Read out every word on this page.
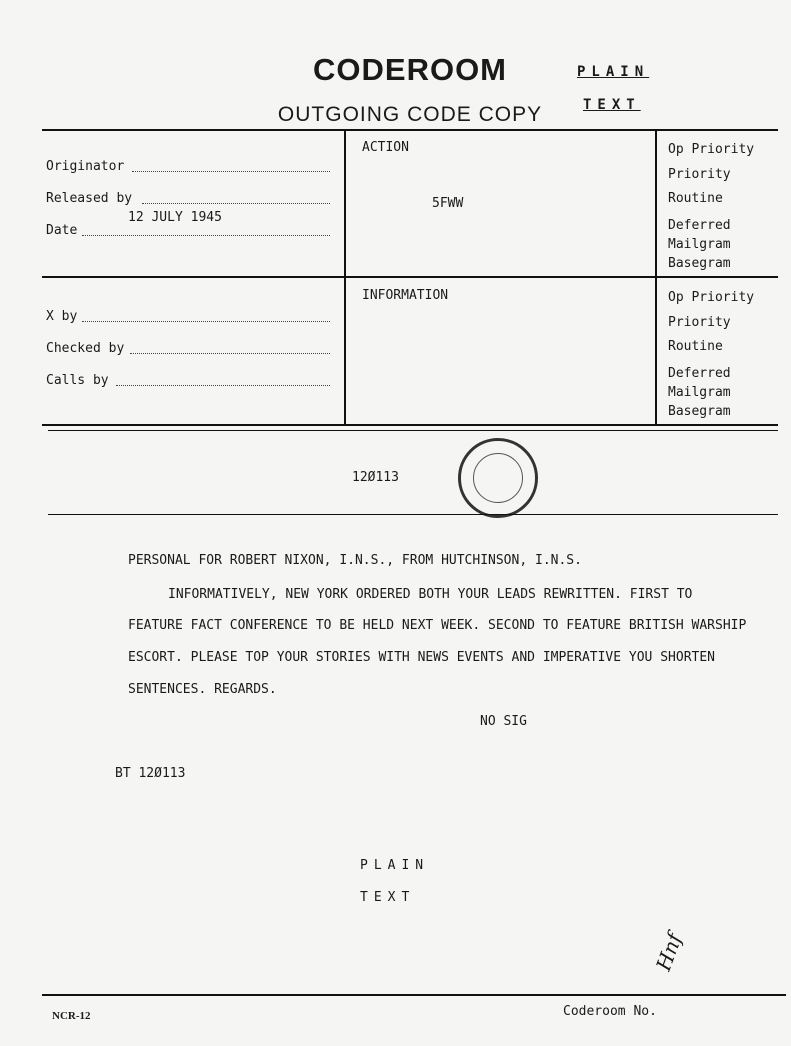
CODEROOM
OUTGOING CODE COPY
PLAIN
TEXT
Originator
Released by
12 JULY 1945
Date
ACTION
5FWW
Op Priority
Priority
Routine
Deferred
Mailgram
Basegram
X by
Checked by
Calls by
INFORMATION	Op Priority
Priority
Routine
Deferred
Mailgram
Basegram
12Ø113
PERSONAL FOR ROBERT NIXON, I.N.S., FROM HUTCHINSON, I.N.S.
INFORMATIVELY, NEW YORK ORDERED BOTH YOUR LEADS REWRITTEN. FIRST TO
FEATURE FACT CONFERENCE TO BE HELD NEXT WEEK. SECOND TO FEATURE BRITISH WARSHIP
ESCORT. PLEASE TOP YOUR STORIES WITH NEWS EVENTS AND IMPERATIVE YOU SHORTEN
SENTENCES. REGARDS.
NO SIG
BT 12Ø113
PLAIN
TEXT
Hnf
NCR-12	Coderoom No.
